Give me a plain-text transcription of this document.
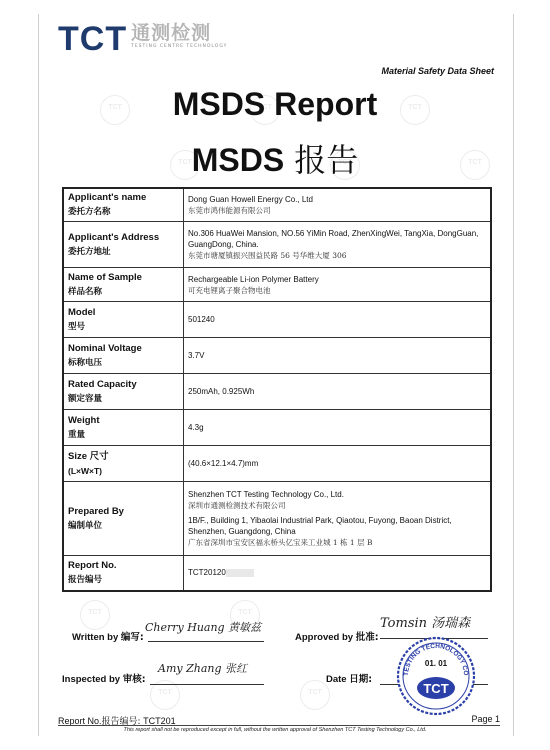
TCT
TCT
TCT
TCT
TCT
TCT
TCT
TCT
TCT
TCT
TCT 通测检测
TESTING CENTRE TECHNOLOGY
Material Safety Data Sheet
MSDS Report
MSDS 报告
Applicant's name
委托方名称	Dong Guan Howell Energy Co., Ltd
东莞市鸿伟能源有限公司

Applicant's Address
委托方地址	No.306 HuaWei Mansion, NO.56 YiMin Road, ZhenXingWei, TangXia, DongGuan, GuangDong, China.
东莞市塘厦镇振兴围益民路 56 号华维大厦 306

Name of Sample
样品名称	Rechargeable Li-ion Polymer Battery
可充电锂离子聚合物电池

Model
型号	501240
Nominal Voltage
标称电压	3.7V
Rated Capacity
额定容量	250mAh, 0.925Wh
Weight
重量	4.3g
Size 尺寸
(L×W×T)	(40.6×12.1×4.7)mm
Prepared By
编制单位	Shenzhen TCT Testing Technology Co., Ltd.
深圳市通测检测技术有限公司
1B/F., Building 1, Yibaolai Industrial Park, Qiaotou, Fuyong, Baoan District, Shenzhen, Guangdong, China
广东省深圳市宝安区福永桥头亿宝来工业城 1 栋 1 层 B

Report No.
报告编号	TCT20120
Written by 编写:
Cherry Huang 黄敏兹
Approved by 批准:
Tomsin 汤瑞森
Inspected by 审核:
Amy Zhang 张红
Date 日期:
TESTING TECHNOLOGY CO
01. 01
TCT
Report No.报告编号: TCT201	Page 1
This report shall not be reproduced except in full, without the written approval of Shenzhen TCT Testing Technology Co., Ltd.
